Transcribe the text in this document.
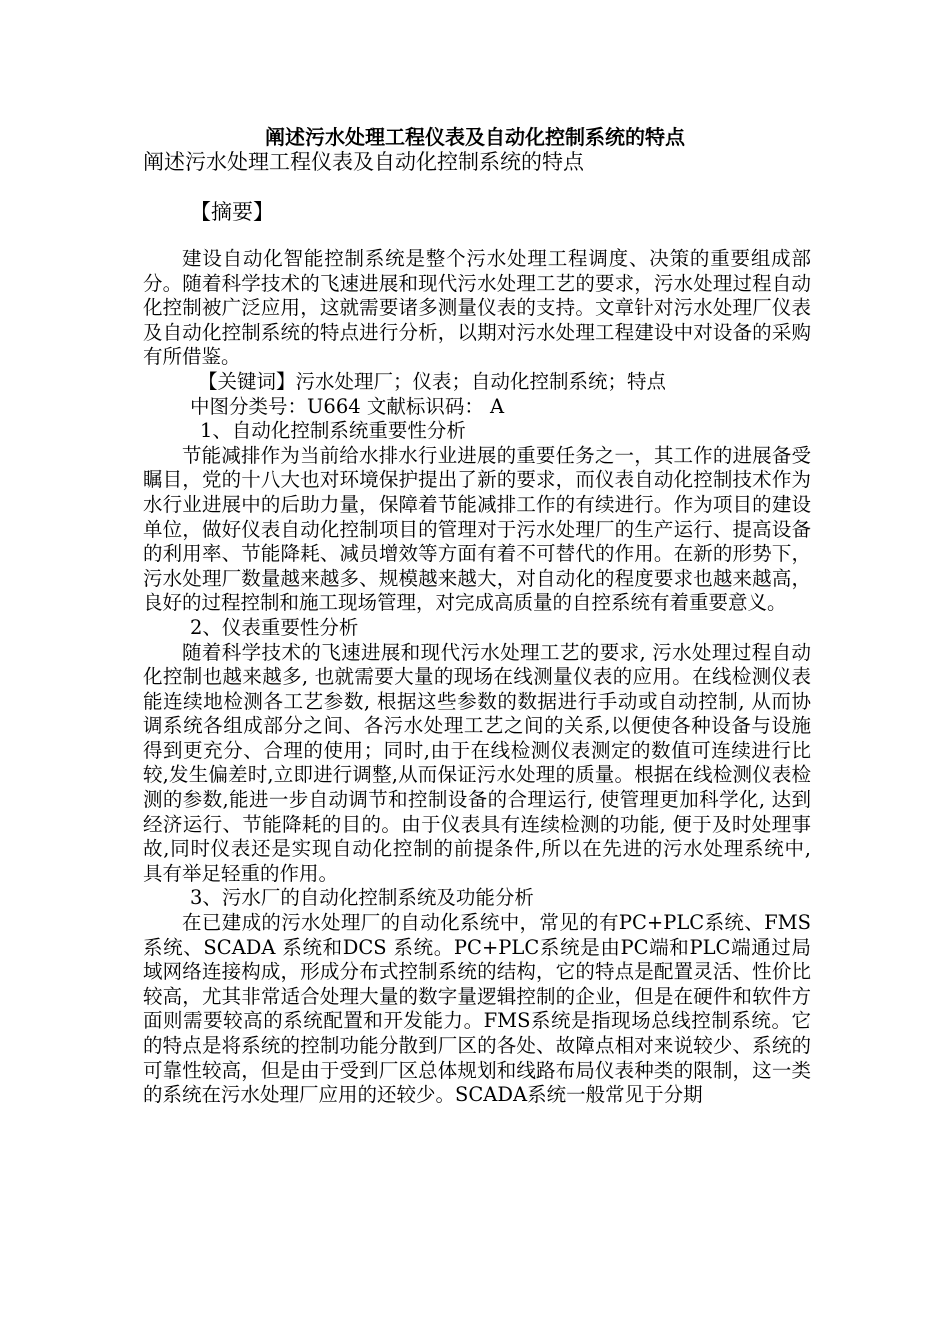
阐述污水处理工程仪表及自动化控制系统的特点
阐述污水处理工程仪表及自动化控制系统的特点
【摘要】

建设自动化智能控制系统是整个污水处理工程调度、决策的重要组成部分。随着科学技术的飞速进展和现代污水处理工艺的要求，污水处理过程自动化控制被广泛应用，这就需要诸多测量仪表的支持。文章针对污水处理厂仪表及自动化控制系统的特点进行分析，以期对污水处理工程建设中对设备的采购有所借鉴。

【关键词】污水处理厂；仪表；自动化控制系统；特点

中图分类号：U664 文献标识码： A

1、自动化控制系统重要性分析

节能减排作为当前给水排水行业进展的重要任务之一，其工作的进展备受瞩目，党的十八大也对环境保护提出了新的要求，而仪表自动化控制技术作为水行业进展中的后助力量，保障着节能减排工作的有续进行。作为项目的建设单位，做好仪表自动化控制项目的管理对于污水处理厂的生产运行、提高设备的利用率、节能降耗、减员增效等方面有着不可替代的作用。在新的形势下，污水处理厂数量越来越多、规模越来越大，对自动化的程度要求也越来越高，良好的过程控制和施工现场管理，对完成高质量的自控系统有着重要意义。

2、仪表重要性分析

随着科学技术的飞速进展和现代污水处理工艺的要求, 污水处理过程自动化控制也越来越多, 也就需要大量的现场在线测量仪表的应用。在线检测仪表能连续地检测各工艺参数, 根据这些参数的数据进行手动或自动控制, 从而协调系统各组成部分之间、各污水处理工艺之间的关系,以便使各种设备与设施得到更充分、合理的使用；同时,由于在线检测仪表测定的数值可连续进行比较,发生偏差时,立即进行调整,从而保证污水处理的质量。根据在线检测仪表检测的参数,能进一步自动调节和控制设备的合理运行, 使管理更加科学化, 达到经济运行、节能降耗的目的。由于仪表具有连续检测的功能, 便于及时处理事故,同时仪表还是实现自动化控制的前提条件,所以在先进的污水处理系统中, 具有举足轻重的作用。

3、污水厂的自动化控制系统及功能分析

在已建成的污水处理厂的自动化系统中，常见的有PC+PLC系统、FMS 系统、SCADA 系统和DCS 系统。PC+PLC系统是由PC端和PLC端通过局域网络连接构成，形成分布式控制系统的结构，它的特点是配置灵活、性价比较高，尤其非常适合处理大量的数字量逻辑控制的企业，但是在硬件和软件方面则需要较高的系统配置和开发能力。FMS系统是指现场总线控制系统。它的特点是将系统的控制功能分散到厂区的各处、故障点相对来说较少、系统的可靠性较高，但是由于受到厂区总体规划和线路布局仪表种类的限制，这一类的系统在污水处理厂应用的还较少。SCADA系统一般常见于分期
